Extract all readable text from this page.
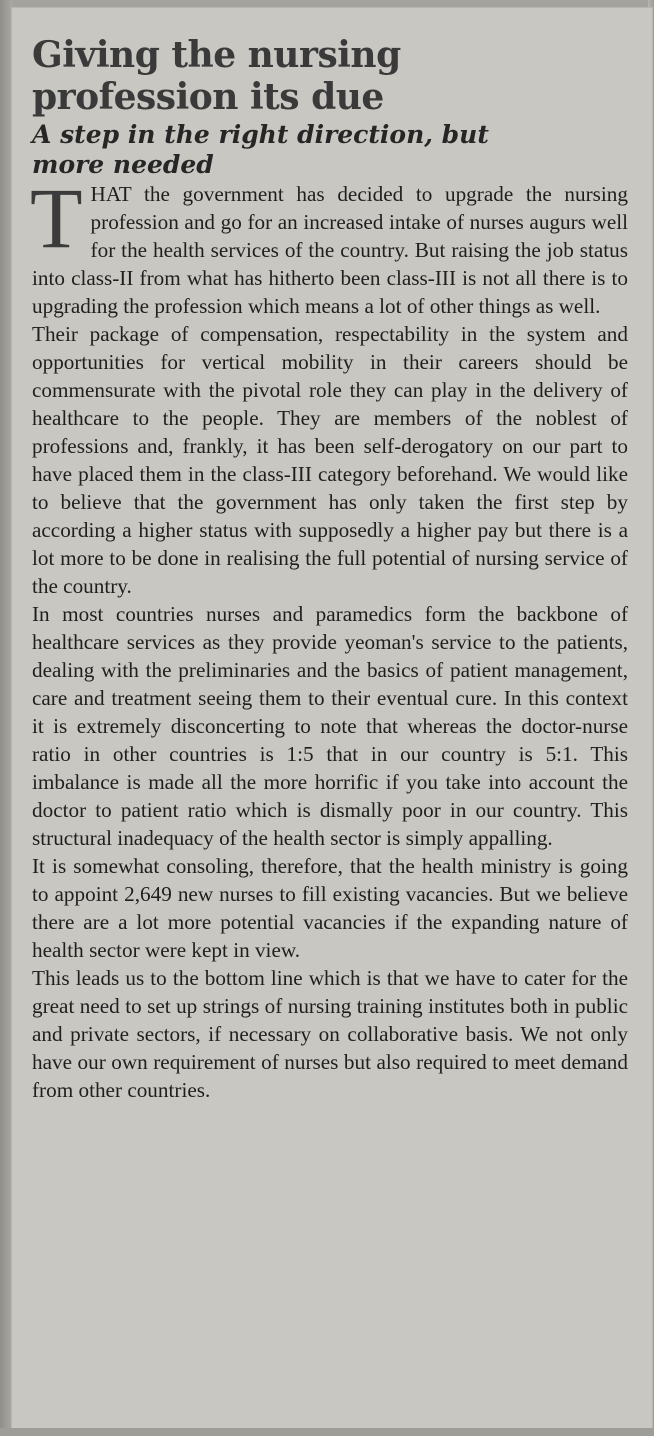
Giving the nursing
profession its due
A step in the right direction, but
more needed

THAT the government has decided to upgrade the nursing profession and go for an increased intake of nurses augurs well for the health services of the country. But raising the job status into class-II from what has hitherto been class-III is not all there is to upgrading the profession which means a lot of other things as well.

Their package of compensation, respectability in the system and opportunities for vertical mobility in their careers should be commensurate with the pivotal role they can play in the delivery of healthcare to the people. They are members of the noblest of professions and, frankly, it has been self-derogatory on our part to have placed them in the class-III category beforehand. We would like to believe that the government has only taken the first step by according a higher status with supposedly a higher pay but there is a lot more to be done in realising the full potential of nursing service of the country.

In most countries nurses and paramedics form the backbone of healthcare services as they provide yeoman's service to the patients, dealing with the preliminaries and the basics of patient management, care and treatment seeing them to their eventual cure. In this context it is extremely disconcerting to note that whereas the doctor-nurse ratio in other countries is 1:5 that in our country is 5:1. This imbalance is made all the more horrific if you take into account the doctor to patient ratio which is dismally poor in our country. This structural inadequacy of the health sector is simply appalling.

It is somewhat consoling, therefore, that the health ministry is going to appoint 2,649 new nurses to fill existing vacancies. But we believe there are a lot more potential vacancies if the expanding nature of health sector were kept in view.

This leads us to the bottom line which is that we have to cater for the great need to set up strings of nursing training institutes both in public and private sectors, if necessary on collaborative basis. We not only have our own requirement of nurses but also required to meet demand from other countries.
